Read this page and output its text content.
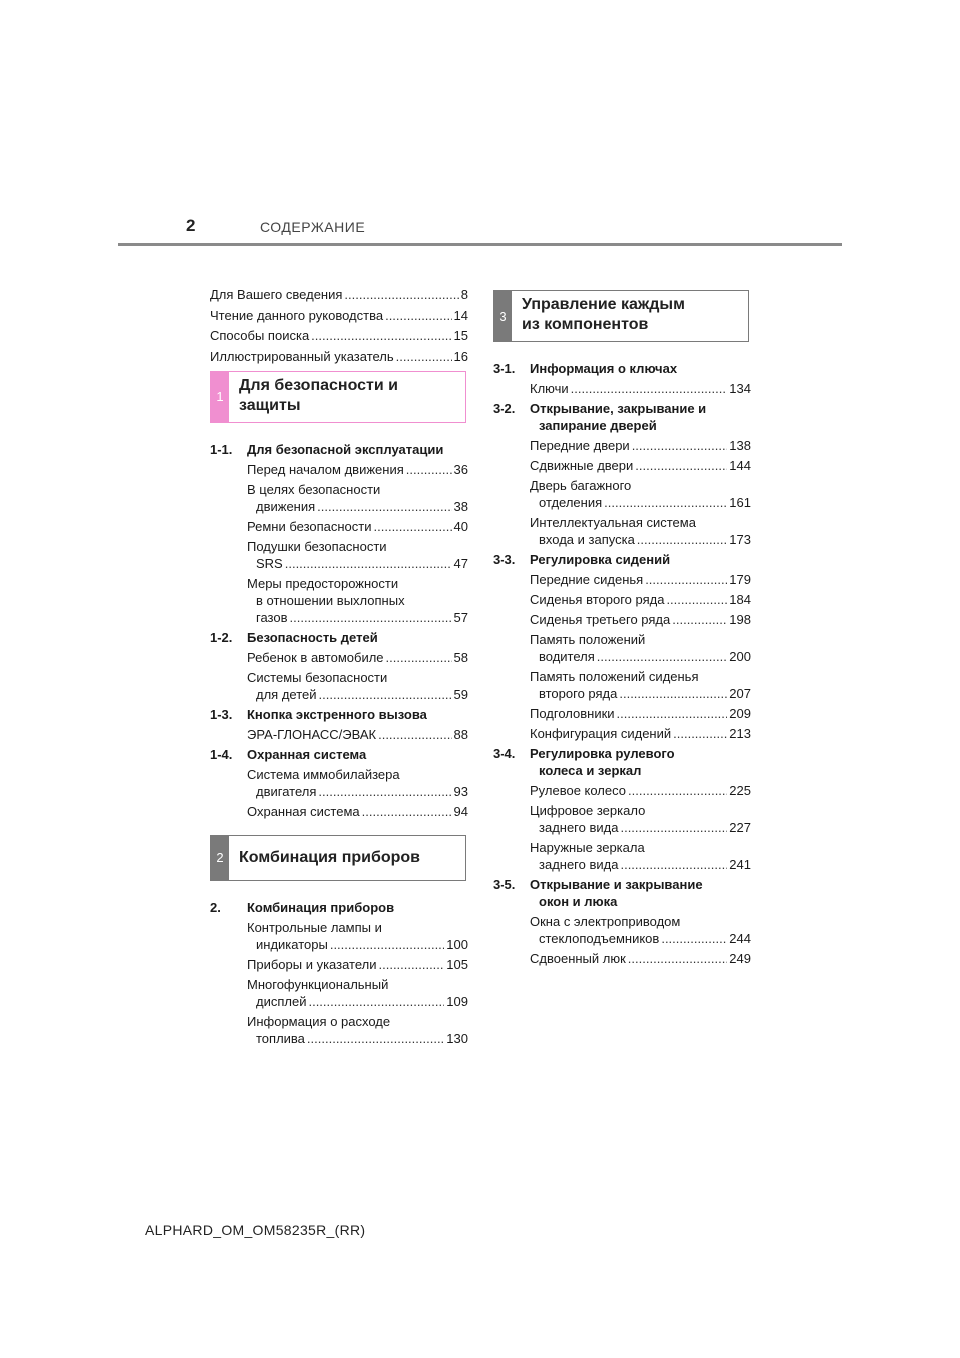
2	СОДЕРЖАНИЕ
Для Вашего сведения .....	8
Чтение данного руководства .....	14
Способы поиска .....	15
Иллюстрированный указатель .....	16
1
Для безопасности и
защиты
1-1.	Для безопасной эксплуатации
Перед началом движения .....	36
В целях безопасности
движения .....	38
Ремни безопасности .....	40
Подушки безопасности
SRS .....	47
Меры предосторожности
в отношении выхлопных
газов .....	57
1-2.	Безопасность детей
Ребенок в автомобиле .....	58
Системы безопасности
для детей .....	59
1-3.	Кнопка экстренного вызова
ЭРА-ГЛОНАСС/ЭВАК .....	88
1-4.	Охранная система
Система иммобилайзера
двигателя .....	93
Охранная система .....	94
2 Комбинация приборов
2.	Комбинация приборов
Контрольные лампы и
индикаторы .....	100
Приборы и указатели .....	105
Многофункциональный
дисплей .....	109
Информация о расходе
топлива .....	130
3
Управление каждым
из компонентов
3-1.	Информация о ключах
Ключи .....	134
3-2.	Открывание, закрывание и
запирание дверей
Передние двери .....	138
Сдвижные двери .....	144
Дверь багажного
отделения .....	161
Интеллектуальная система
входа и запуска .....	173
3-3.	Регулировка сидений
Передние сиденья .....	179
Сиденья второго ряда .....	184
Сиденья третьего ряда .....	198
Память положений
водителя .....	200
Память положений сиденья
второго ряда .....	207
Подголовники .....	209
Конфигурация сидений .....	213
3-4.	Регулировка рулевого
колеса и зеркал
Рулевое колесо .....	225
Цифровое зеркало
заднего вида .....	227
Наружные зеркала
заднего вида .....	241
3-5.	Открывание и закрывание
окон и люка
Окна с электроприводом
стеклоподъемников .....	244
Сдвоенный люк .....	249
ALPHARD_OM_OM58235R_(RR)
